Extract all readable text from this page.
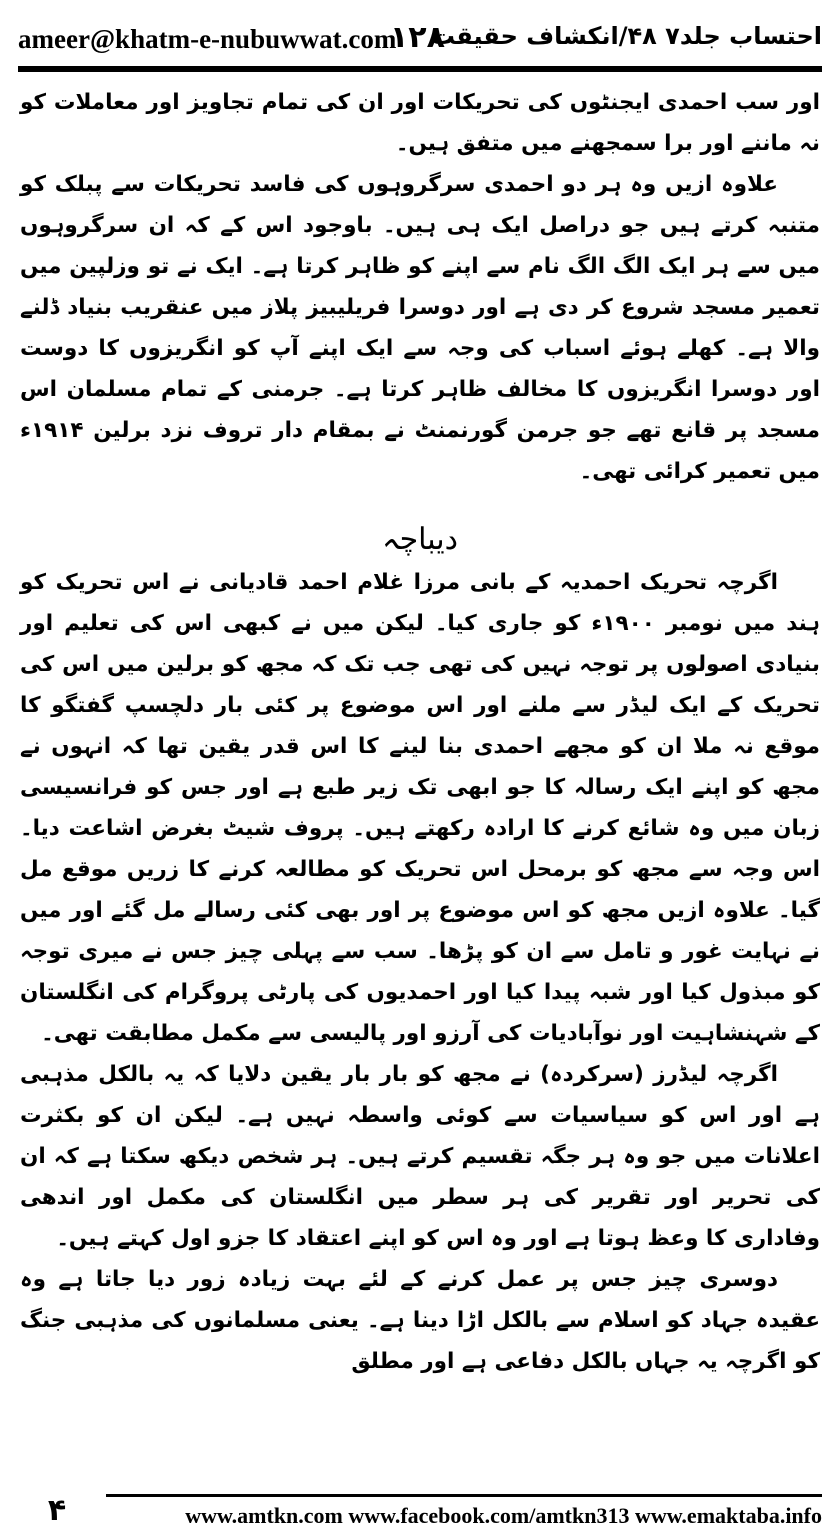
ameer@khatm-e-nubuwwat.com
۱۲۸
احتساب جلد۷ ۴۸/انکشاف حقیقت

اور سب احمدی ایجنٹوں کی تحریکات اور ان کی تمام تجاویز اور معاملات کو نہ ماننے اور برا سمجھنے میں متفق ہیں۔

علاوہ ازیں وہ ہر دو احمدی سرگروہوں کی فاسد تحریکات سے پبلک کو متنبہ کرتے ہیں جو دراصل ایک ہی ہیں۔ باوجود اس کے کہ ان سرگروہوں میں سے ہر ایک الگ الگ نام سے اپنے کو ظاہر کرتا ہے۔ ایک نے تو وزلپین میں تعمیر مسجد شروع کر دی ہے اور دوسرا فریلیبیز پلاز میں عنقریب بنیاد ڈلنے والا ہے۔ کھلے ہوئے اسباب کی وجہ سے ایک اپنے آپ کو انگریزوں کا دوست اور دوسرا انگریزوں کا مخالف ظاہر کرتا ہے۔ جرمنی کے تمام مسلمان اس مسجد پر قانع تھے جو جرمن گورنمنٹ نے بمقام دار تروف نزد برلین ۱۹۱۴ء میں تعمیر کرائی تھی۔

دیباچہ

اگرچہ تحریک احمدیہ کے بانی مرزا غلام احمد قادیانی نے اس تحریک کو ہند میں نومبر ۱۹۰۰ء کو جاری کیا۔ لیکن میں نے کبھی اس کی تعلیم اور بنیادی اصولوں پر توجہ نہیں کی تھی جب تک کہ مجھ کو برلین میں اس کی تحریک کے ایک لیڈر سے ملنے اور اس موضوع پر کئی بار دلچسپ گفتگو کا موقع نہ ملا ان کو مجھے احمدی بنا لینے کا اس قدر یقین تھا کہ انہوں نے مجھ کو اپنے ایک رسالہ کا جو ابھی تک زیر طبع ہے اور جس کو فرانسیسی زبان میں وہ شائع کرنے کا ارادہ رکھتے ہیں۔ پروف شیٹ بغرض اشاعت دیا۔ اس وجہ سے مجھ کو برمحل اس تحریک کو مطالعہ کرنے کا زریں موقع مل گیا۔ علاوہ ازیں مجھ کو اس موضوع پر اور بھی کئی رسالے مل گئے اور میں نے نہایت غور و تامل سے ان کو پڑھا۔ سب سے پہلی چیز جس نے میری توجہ کو مبذول کیا اور شبہ پیدا کیا اور احمدیوں کی پارٹی پروگرام کی انگلستان کے شہنشاہیت اور نوآبادیات کی آرزو اور پالیسی سے مکمل مطابقت تھی۔

اگرچہ لیڈرز (سرکردہ) نے مجھ کو بار بار یقین دلایا کہ یہ بالکل مذہبی ہے اور اس کو سیاسیات سے کوئی واسطہ نہیں ہے۔ لیکن ان کو بکثرت اعلانات میں جو وہ ہر جگہ تقسیم کرتے ہیں۔ ہر شخص دیکھ سکتا ہے کہ ان کی تحریر اور تقریر کی ہر سطر میں انگلستان کی مکمل اور اندھی وفاداری کا وعظ ہوتا ہے اور وہ اس کو اپنے اعتقاد کا جزو اول کہتے ہیں۔

دوسری چیز جس پر عمل کرنے کے لئے بہت زیادہ زور دیا جاتا ہے وہ عقیدہ جہاد کو اسلام سے بالکل اڑا دینا ہے۔ یعنی مسلمانوں کی مذہبی جنگ کو اگرچہ یہ جہاں بالکل دفاعی ہے اور مطلق

۴	www.amtkn.com www.facebook.com/amtkn313 www.emaktaba.info
